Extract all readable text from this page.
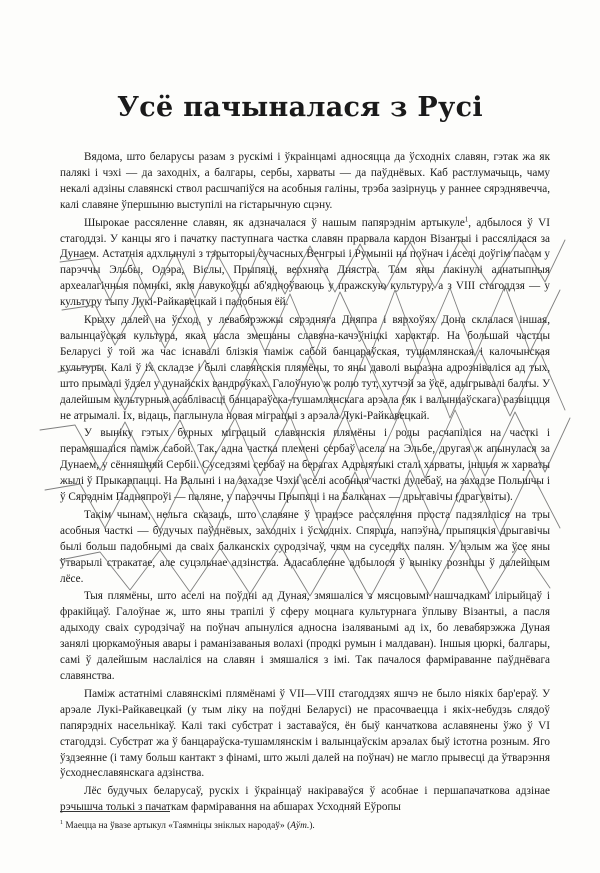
Усё пачыналася з Русі

Вядома, што беларусы разам з рускімі і ўкраінцамі адносяцца да ўсходніх славян, гэтак жа як палякі і чэхі — да заходніх, а балгары, сербы, харваты — да паўднёвых. Каб растлумачыць, чаму некалі адзіны славянскі ствол расшчапіўся на асобныя галіны, трэба зазірнуць у раннее сярэднявечча, калі славяне ўпершыню выступілі на гістарычную сцэну.

Шырокае рассяленне славян, як адзначалася ў нашым папярэднім артыкуле$^1$, адбылося ў VI стагоддзі. У канцы яго і пачатку паступнага частка славян прарвала кардон Візантыі і рассялілася за Дунаем. Астатнія адхлынулі з тэрыторыі сучасных Венгрыі і Румыніі на поўнач і аселі доўгім пасам у парэччы Эльбы, Одэра, Віслы, Прыпяці, верхняга Днястра. Там яны пакінулі аднатыпныя археалагічныя помнікі, якія навукоўцы аб'ядноўваюць у пражскую культуру, а з VIII стагоддзя — у культуру тыпу Лукі-Райкавецкай і падобныя ёй.

Крыху далей на ўсход, у левабярэжжы сярэдняга Дняпра і вярхоўях Дона склалася іншая, валынцаўская культура, якая насла змешаны славяна-качэўніцкі характар. На большай частцы Беларусі ў той жа час існавалі блізкія паміж сабой банцараўская, тушамлянская і калочынская культуры. Калі ў іх складзе і былі славянскія плямёны, то яны даволі выразна адрозніваліся ад тых, што прымалі ўдзел у дунайскіх вандроўках. Галоўную ж ролю тут, хутчэй за ўсё, адыгрывалі балты. У далейшым культурныя асаблівасці банцараўска-тушамлянскага арэала (як і валынцаўскага) развіццця не атрымалі. Іх, відаць, паглынула новая міграцыі з арэала Лукі-Райкавецкай.

У выніку гэтых бурных міграцый славянскія плямёны і роды расчапіліся на часткі і перамяшаліся паміж сабой. Так, адна частка племені сербаў асела на Эльбе, другая ж апынулася за Дунаем, у сённяшняй Сербіі. Суседзямі сербаў на берагах Адрыятыкі сталі харваты, іншыя ж харваты жылі ў Прыкарпацці. На Валыні і на захадзе Чэхіі аселі асобныя часткі дулебаў, на захадзе Польшчы і ў Сярэднім Падняпроўі — паляне, у парэччы Прыпяці і на Балканах — дрыгавічы (драгувіты).

Такім чынам, нельга сказаць, што славяне ў працэсе рассялення проста падзяліліся на тры асобныя часткі — будучых паўднёвых, заходніх і ўсходніх. Спярша, напэўна, прыпяцкія дрыгавічы былі больш падобнымі да сваіх балканскіх суродзічаў, чым на суседніх палян. У цэлым жа ўсе яны ўтварылі стракатае, але суцэльнае адзінства. Адасабленне адбылося ў выніку розніцы ў далейшым лёсе.

Тыя плямёны, што аселі на поўдні ад Дуная, змяшаліся з мясцовымі нашчадкамі ілірыйцаў і фракійцаў. Галоўнае ж, што яны трапілі ў сферу моцнага культурнага ўплыву Візантыі, а пасля адыходу сваіх суродзічаў на поўнач апынуліся адносна ізаляванымі ад іх, бо левабярэжжа Дуная занялі цюркамоўныя авары і раманізаваныя волахі (продкі румын і малдаван). Іншыя цюркі, балгары, самі ў далейшым наслаіліся на славян і змяшаліся з імі. Так пачалося фарміраванне паўднёвага славянства.

Паміж астатнімі славянскімі плямёнамі ў VII—VIII стагоддзях яшчэ не было ніякіх бар'ераў. У арэале Лукі-Райкавецкай (у тым ліку на поўдні Беларусі) не прасочваецца і якіх-небудзь слядоў папярэдніх насельнікаў. Калі такі субстрат і заставаўся, ён быў канчаткова аславянены ўжо ў VI стагоддзі. Субстрат жа ў банцараўска-тушамлянскім і валынцаўскім арэалах быў істотна розным. Яго ўздзеянне (і таму больш кантакт з фінамі, што жылі далей на поўнач) не магло прывесці да ўтварэння ўсходнеславянскага адзінства.

Лёс будучых беларусаў, рускіх і ўкраінцаў накіраваўся ў асобнае і першапачаткова адзінае рэчышча толькі з пачаткам фарміравання на абшарах Усходняй Еўропы

$^1$ Маецца на ўвазе артыкул «Таямніцы зніклых народаў» (Аўт.).
